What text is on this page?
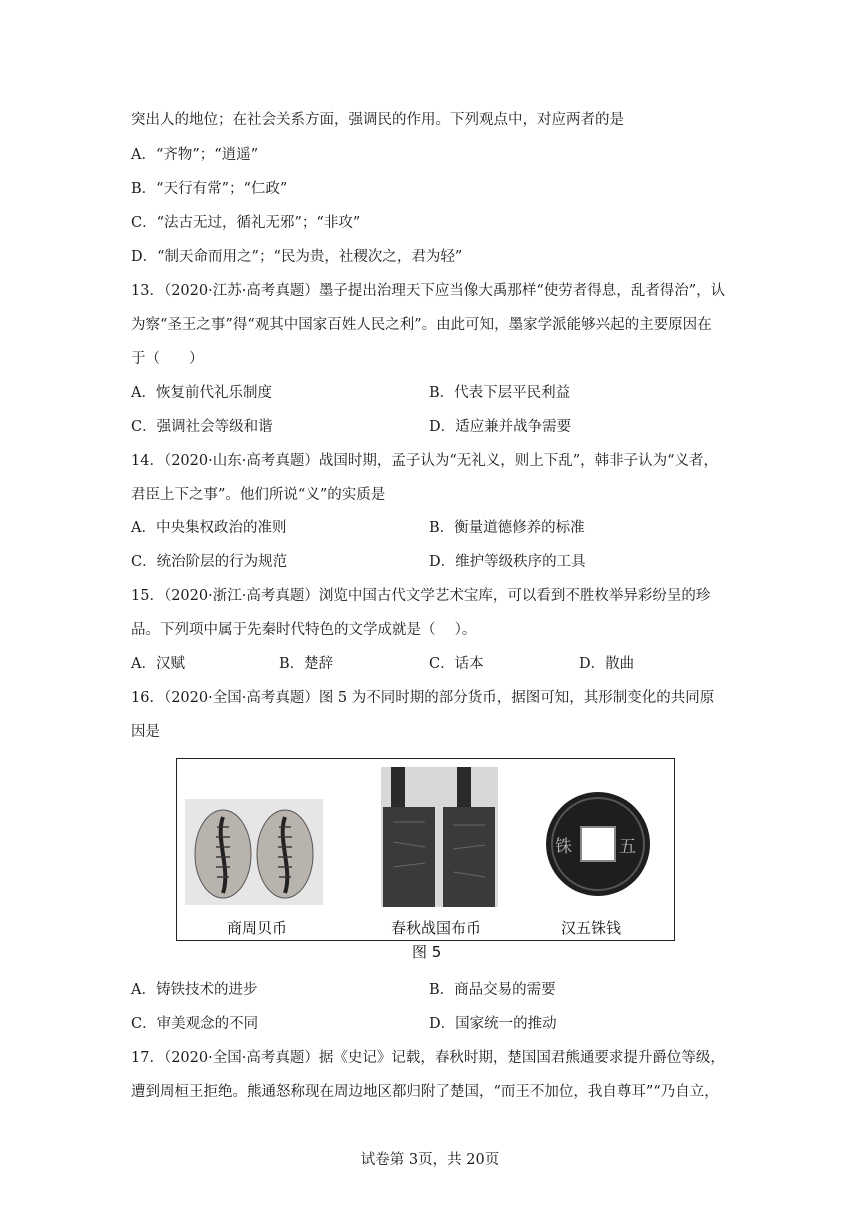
突出人的地位；在社会关系方面，强调民的作用。下列观点中，对应两者的是
A．“齐物”；“逍遥”
B．“天行有常”；“仁政”
C．“法古无过，循礼无邪”；“非攻”
D．“制天命而用之”；“民为贵，社稷次之，君为轻”
13．（2020·江苏·高考真题）墨子提出治理天下应当像大禹那样“使劳者得息，乱者得治”，认
为察“圣王之事”得“观其中国家百姓人民之利”。由此可知，墨家学派能够兴起的主要原因在
于（　　）
A．恢复前代礼乐制度	B．代表下层平民利益
C．强调社会等级和谐	D．适应兼并战争需要
14．（2020·山东·高考真题）战国时期，孟子认为“无礼义，则上下乱”，韩非子认为“义者，
君臣上下之事”。他们所说“义”的实质是
A．中央集权政治的准则	B．衡量道德修养的标准
C．统治阶层的行为规范	D．维护等级秩序的工具
15．（2020·浙江·高考真题）浏览中国古代文学艺术宝库，可以看到不胜枚举异彩纷呈的珍
品。下列项中属于先秦时代特色的文学成就是（　 ）。
A．汉赋	B．楚辞	C．话本	D．散曲
16．（2020·全国·高考真题）图 5 为不同时期的部分货币，据图可知，其形制变化的共同原
因是
商周贝币	春秋战国布币
铢	五
汉五铢钱
图 5
A．铸铁技术的进步	B．商品交易的需要
C．审美观念的不同	D．国家统一的推动
17．（2020·全国·高考真题）据《史记》记载，春秋时期，楚国国君熊通要求提升爵位等级，
遭到周桓王拒绝。熊通怒称现在周边地区都归附了楚国，“而王不加位，我自尊耳”“乃自立，
试卷第 3页，共 20页
